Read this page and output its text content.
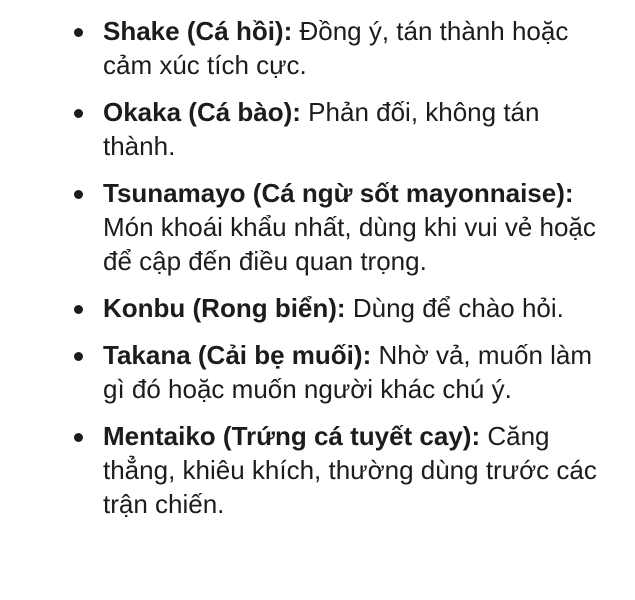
Shake (Cá hồi): Đồng ý, tán thành hoặc cảm xúc tích cực.
Okaka (Cá bào): Phản đối, không tán thành.
Tsunamayo (Cá ngừ sốt mayonnaise): Món khoái khẩu nhất, dùng khi vui vẻ hoặc để cập đến điều quan trọng.
Konbu (Rong biển): Dùng để chào hỏi.
Takana (Cải bẹ muối): Nhờ vả, muốn làm gì đó hoặc muốn người khác chú ý.
Mentaiko (Trứng cá tuyết cay): Căng thẳng, khiêu khích, thường dùng trước các trận chiến.
